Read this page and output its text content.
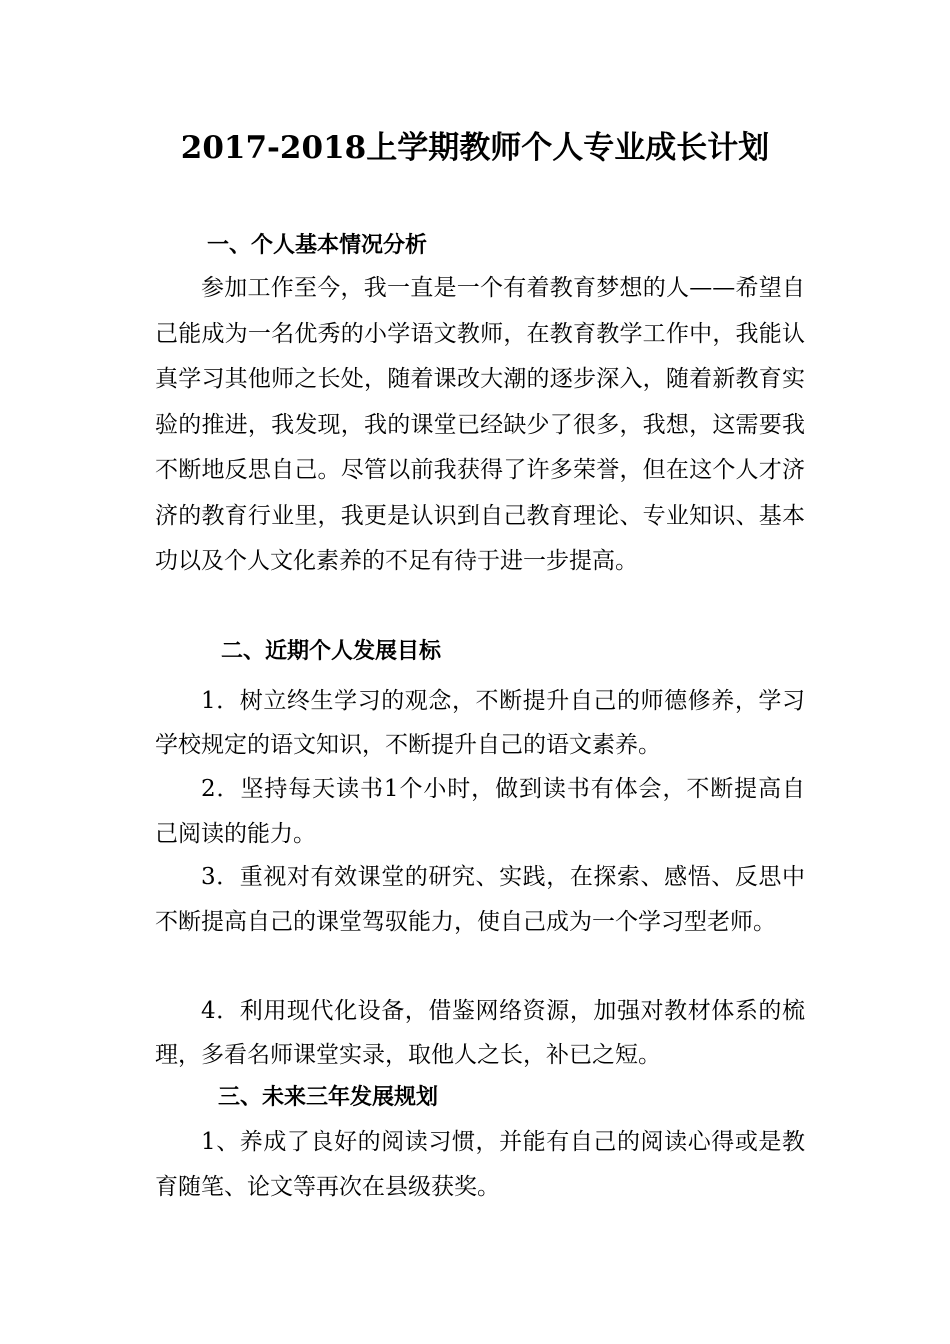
2017-2018上学期教师个人专业成长计划
一、个人基本情况分析

参加工作至今，我一直是一个有着教育梦想的人——希望自己能成为一名优秀的小学语文教师，在教育教学工作中，我能认真学习其他师之长处，随着课改大潮的逐步深入，随着新教育实验的推进，我发现，我的课堂已经缺少了很多，我想，这需要我不断地反思自己。尽管以前我获得了许多荣誉，但在这个人才济济的教育行业里，我更是认识到自己教育理论、专业知识、基本功以及个人文化素养的不足有待于进一步提高。

二、近期个人发展目标

1．树立终生学习的观念，不断提升自己的师德修养，学习学校规定的语文知识，不断提升自己的语文素养。

2．坚持每天读书1个小时，做到读书有体会，不断提高自己阅读的能力。

3．重视对有效课堂的研究、实践，在探索、感悟、反思中不断提高自己的课堂驾驭能力，使自己成为一个学习型老师。

4．利用现代化设备，借鉴网络资源，加强对教材体系的梳理，多看名师课堂实录，取他人之长，补已之短。

三、未来三年发展规划

1、养成了良好的阅读习惯，并能有自己的阅读心得或是教育随笔、论文等再次在县级获奖。
